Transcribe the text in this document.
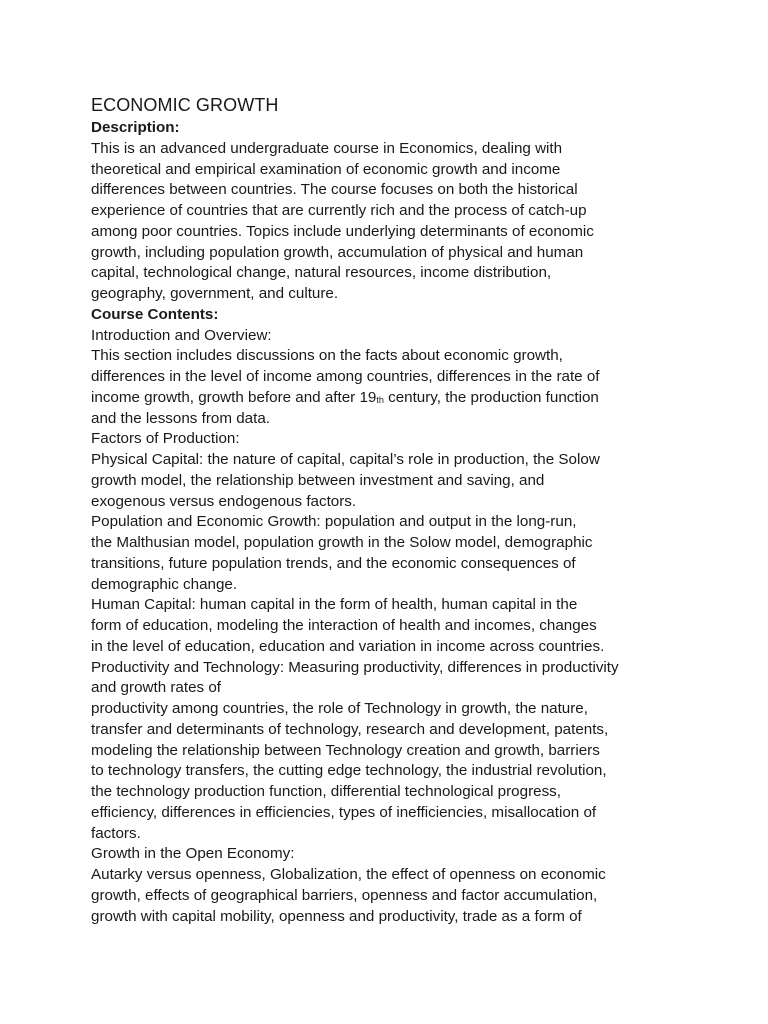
ECONOMIC GROWTH

Description:

This is an advanced undergraduate course in Economics, dealing with

theoretical and empirical examination of economic growth and income

differences between countries. The course focuses on both the historical

experience of countries that are currently rich and the process of catch-up

among poor countries. Topics include underlying determinants of economic

growth, including population growth, accumulation of physical and human

capital, technological change, natural resources, income distribution,

geography, government, and culture.

Course Contents:

Introduction and Overview:

This section includes discussions on the facts about economic growth,

differences in the level of income among countries, differences in the rate of

income growth, growth before and after 19th century, the production function

and the lessons from data.

Factors of Production:

Physical Capital: the nature of capital, capital’s role in production, the Solow

growth model, the relationship between investment and saving, and

exogenous versus endogenous factors.

Population and Economic Growth: population and output in the long-run,

the Malthusian model, population growth in the Solow model, demographic

transitions, future population trends, and the economic consequences of

demographic change.

Human Capital: human capital in the form of health, human capital in the

form of education, modeling the interaction of health and incomes, changes

in the level of education, education and variation in income across countries.

Productivity and Technology: Measuring productivity, differences in productivity

and growth rates of

productivity among countries, the role of Technology in growth, the nature,

transfer and determinants of technology, research and development, patents,

modeling the relationship between Technology creation and growth, barriers

to technology transfers, the cutting edge technology, the industrial revolution,

the technology production function, differential technological progress,

efficiency, differences in efficiencies, types of inefficiencies, misallocation of

factors.

Growth in the Open Economy:

Autarky versus openness, Globalization, the effect of openness on economic

growth, effects of geographical barriers, openness and factor accumulation,

growth with capital mobility, openness and productivity, trade as a form of
